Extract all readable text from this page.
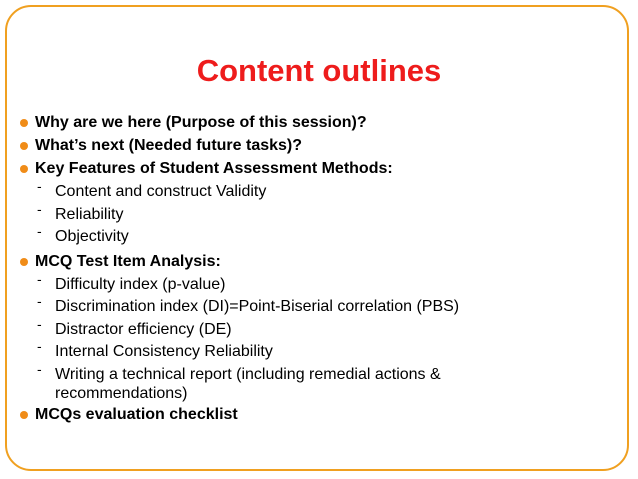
Content outlines
Why are we here (Purpose of this session)?
What’s next (Needed future tasks)?
Key Features of Student Assessment Methods:
- Content and construct Validity
- Reliability
- Objectivity
MCQ Test Item Analysis:
- Difficulty index (p-value)
- Discrimination index (DI)=Point-Biserial correlation (PBS)
- Distractor efficiency (DE)
- Internal Consistency Reliability
- Writing a technical report (including remedial actions & recommendations)
MCQs evaluation checklist
